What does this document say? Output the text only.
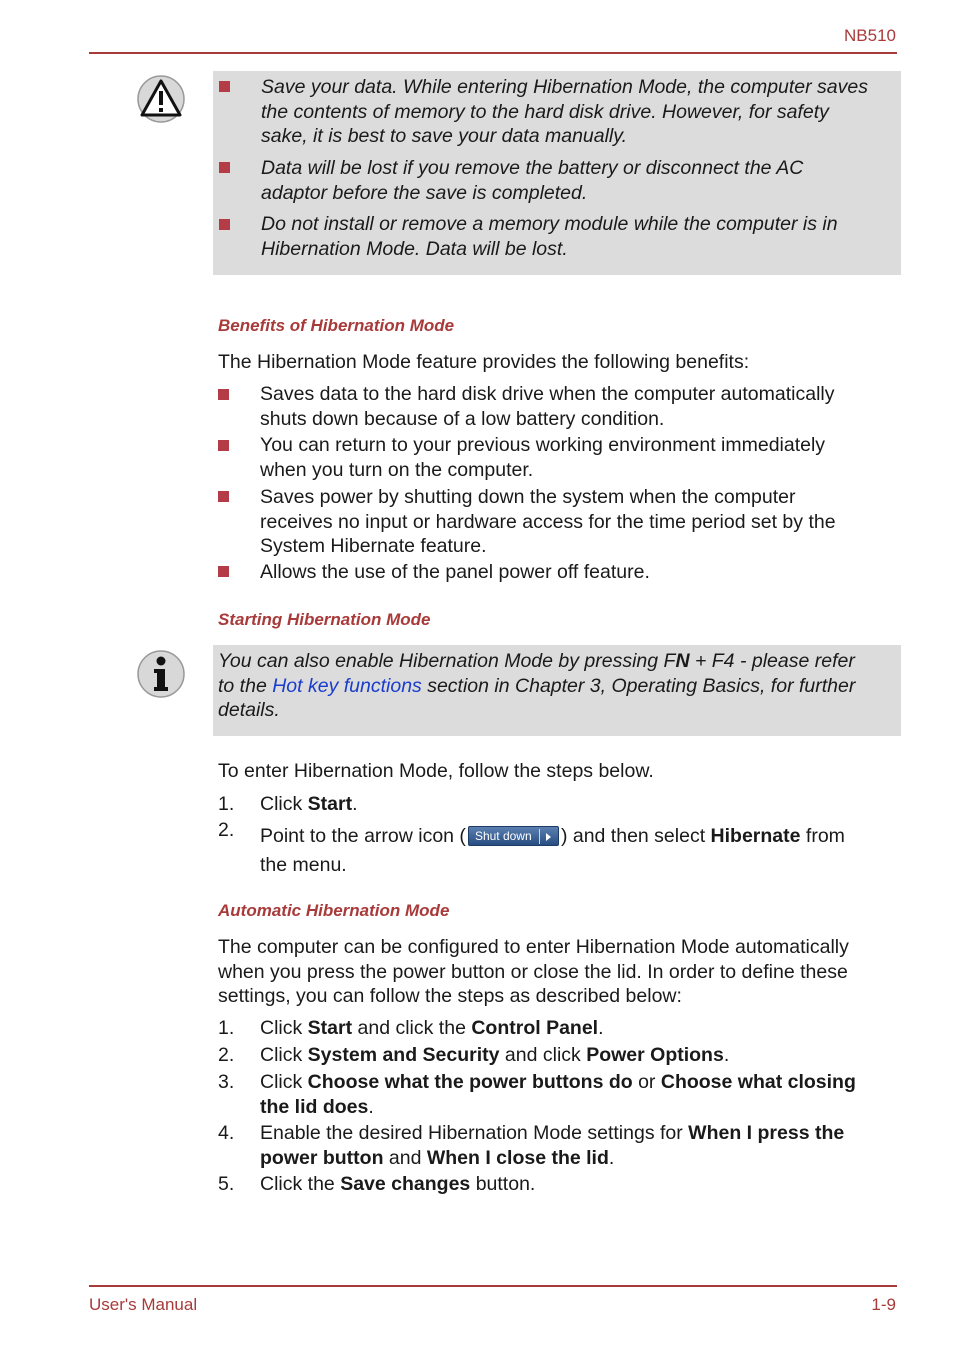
NB510
Save your data. While entering Hibernation Mode, the computer saves
the contents of memory to the hard disk drive. However, for safety
sake, it is best to save your data manually.
Data will be lost if you remove the battery or disconnect the AC
adaptor before the save is completed.
Do not install or remove a memory module while the computer is in
Hibernation Mode. Data will be lost.
Benefits of Hibernation Mode
The Hibernation Mode feature provides the following benefits:
Saves data to the hard disk drive when the computer automatically
shuts down because of a low battery condition.
You can return to your previous working environment immediately
when you turn on the computer.
Saves power by shutting down the system when the computer
receives no input or hardware access for the time period set by the
System Hibernate feature.
Allows the use of the panel power off feature.
Starting Hibernation Mode
You can also enable Hibernation Mode by pressing FN + F4 - please refer
to the Hot key functions section in Chapter 3, Operating Basics, for further
details.
To enter Hibernation Mode, follow the steps below.
1. Click Start.
2. Point to the arrow icon ( Shut down ) and then select Hibernate from
the menu.
Automatic Hibernation Mode
The computer can be configured to enter Hibernation Mode automatically
when you press the power button or close the lid. In order to define these
settings, you can follow the steps as described below:
1. Click Start and click the Control Panel.
2. Click System and Security and click Power Options.
3. Click Choose what the power buttons do or Choose what closing
the lid does.
4. Enable the desired Hibernation Mode settings for When I press the
power button and When I close the lid.
5. Click the Save changes button.
User's Manual	1-9
